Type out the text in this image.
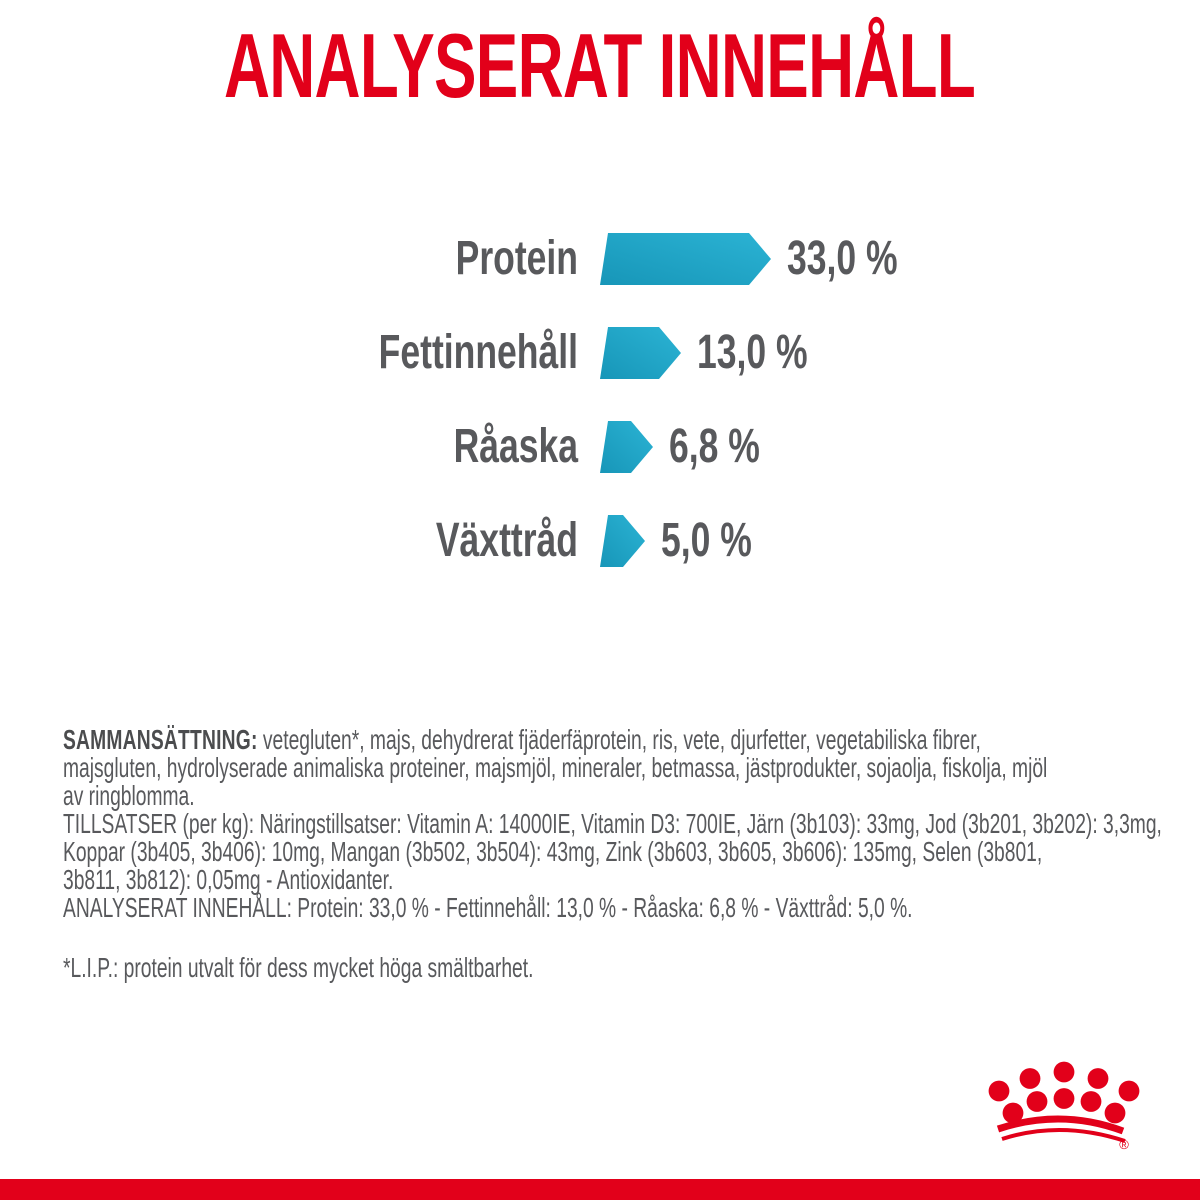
ANALYSERAT INNEHÅLL
Protein	33,0 %
Fettinnehåll 13,0 %
Råaska 6,8 %
Växttråd 5,0 %
SAMMANSÄTTNING: vetegluten*, majs, dehydrerat fjäderfäprotein, ris, vete, djurfetter, vegetabiliska fibrer,
majsgluten, hydrolyserade animaliska proteiner, majsmjöl, mineraler, betmassa, jästprodukter, sojaolja, fiskolja, mjöl
av ringblomma.
TILLSATSER (per kg): Näringstillsatser: Vitamin A: 14000IE, Vitamin D3: 700IE, Järn (3b103): 33mg, Jod (3b201, 3b202): 3,3mg,
Koppar (3b405, 3b406): 10mg, Mangan (3b502, 3b504): 43mg, Zink (3b603, 3b605, 3b606): 135mg, Selen (3b801,
3b811, 3b812): 0,05mg - Antioxidanter.
ANALYSERAT INNEHÅLL: Protein: 33,0 % - Fettinnehåll: 13,0 % - Råaska: 6,8 % - Växttråd: 5,0 %.
*L.I.P.: protein utvalt för dess mycket höga smältbarhet.
®
